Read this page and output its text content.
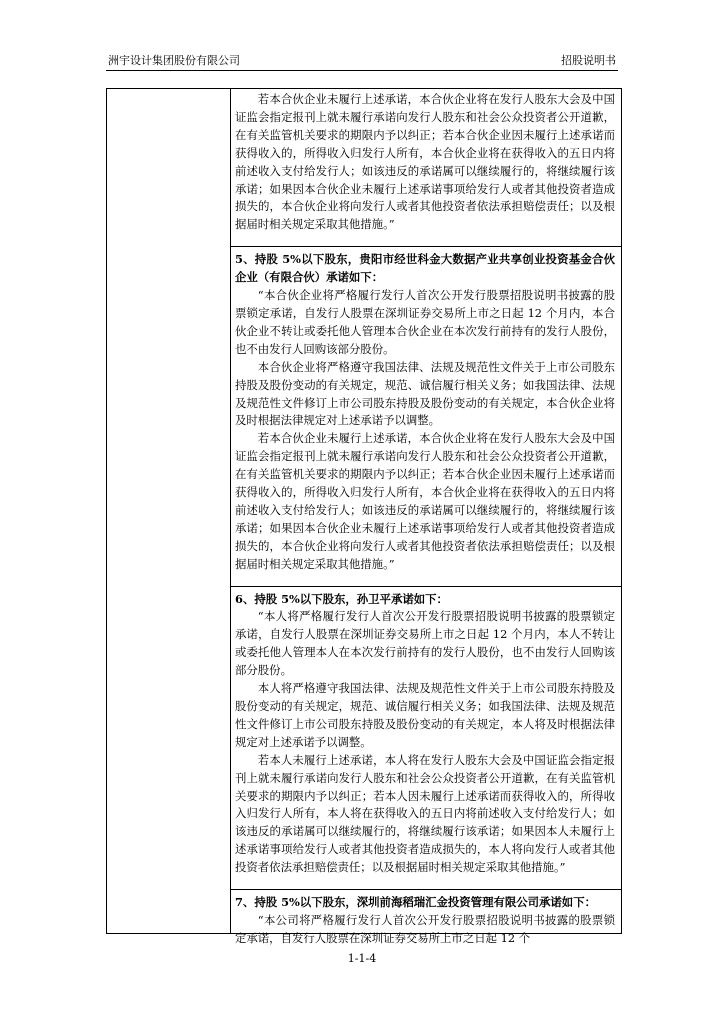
洲宇设计集团股份有限公司	招股说明书

若本合伙企业未履行上述承诺，本合伙企业将在发行人股东大会及中国证监会指定报刊上就未履行承诺向发行人股东和社会公众投资者公开道歉，在有关监管机关要求的期限内予以纠正；若本合伙企业因未履行上述承诺而获得收入的，所得收入归发行人所有，本合伙企业将在获得收入的五日内将前述收入支付给发行人；如该违反的承诺属可以继续履行的，将继续履行该承诺；如果因本合伙企业未履行上述承诺事项给发行人或者其他投资者造成损失的，本合伙企业将向发行人或者其他投资者依法承担赔偿责任；以及根据届时相关规定采取其他措施。”

5、持股 5%以下股东，贵阳市经世科金大数据产业共享创业投资基金合伙企业（有限合伙）承诺如下：

“本合伙企业将严格履行发行人首次公开发行股票招股说明书披露的股票锁定承诺，自发行人股票在深圳证券交易所上市之日起 12 个月内，本合伙企业不转让或委托他人管理本合伙企业在本次发行前持有的发行人股份，也不由发行人回购该部分股份。

本合伙企业将严格遵守我国法律、法规及规范性文件关于上市公司股东持股及股份变动的有关规定，规范、诚信履行相关义务；如我国法律、法规及规范性文件修订上市公司股东持股及股份变动的有关规定，本合伙企业将及时根据法律规定对上述承诺予以调整。

若本合伙企业未履行上述承诺，本合伙企业将在发行人股东大会及中国证监会指定报刊上就未履行承诺向发行人股东和社会公众投资者公开道歉，在有关监管机关要求的期限内予以纠正；若本合伙企业因未履行上述承诺而获得收入的，所得收入归发行人所有，本合伙企业将在获得收入的五日内将前述收入支付给发行人；如该违反的承诺属可以继续履行的，将继续履行该承诺；如果因本合伙企业未履行上述承诺事项给发行人或者其他投资者造成损失的，本合伙企业将向发行人或者其他投资者依法承担赔偿责任；以及根据届时相关规定采取其他措施。”

6、持股 5%以下股东，孙卫平承诺如下：

“本人将严格履行发行人首次公开发行股票招股说明书披露的股票锁定承诺，自发行人股票在深圳证券交易所上市之日起 12 个月内，本人不转让或委托他人管理本人在本次发行前持有的发行人股份，也不由发行人回购该部分股份。

本人将严格遵守我国法律、法规及规范性文件关于上市公司股东持股及股份变动的有关规定，规范、诚信履行相关义务；如我国法律、法规及规范性文件修订上市公司股东持股及股份变动的有关规定，本人将及时根据法律规定对上述承诺予以调整。

若本人未履行上述承诺，本人将在发行人股东大会及中国证监会指定报刊上就未履行承诺向发行人股东和社会公众投资者公开道歉，在有关监管机关要求的期限内予以纠正；若本人因未履行上述承诺而获得收入的，所得收入归发行人所有，本人将在获得收入的五日内将前述收入支付给发行人；如该违反的承诺属可以继续履行的，将继续履行该承诺；如果因本人未履行上述承诺事项给发行人或者其他投资者造成损失的，本人将向发行人或者其他投资者依法承担赔偿责任；以及根据届时相关规定采取其他措施。”

7、持股 5%以下股东，深圳前海稻瑞汇金投资管理有限公司承诺如下：

“本公司将严格履行发行人首次公开发行股票招股说明书披露的股票锁定承诺，自发行人股票在深圳证券交易所上市之日起 12 个

1-1-4
